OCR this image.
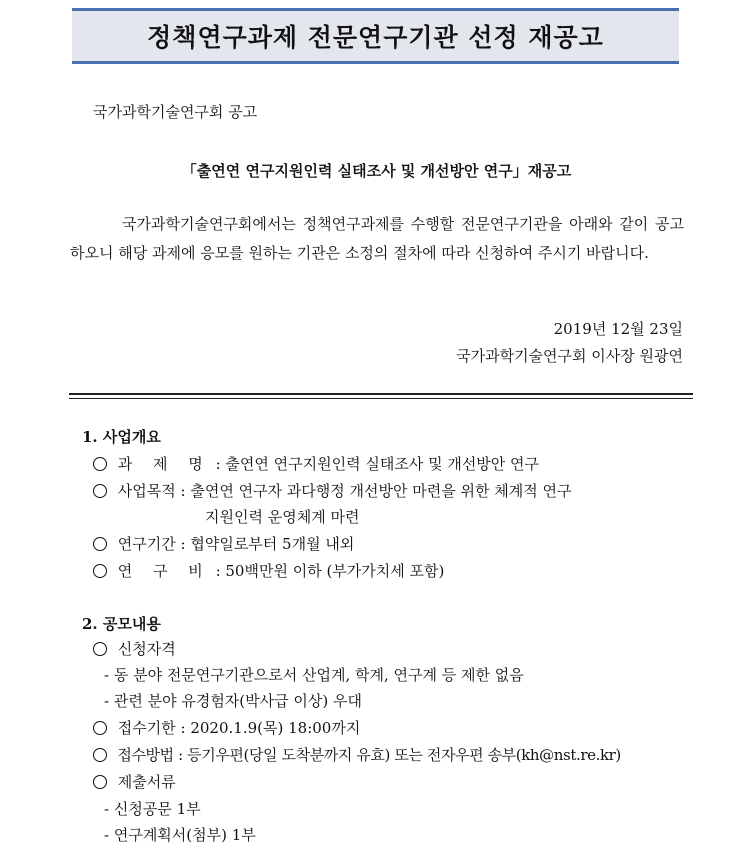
정책연구과제 전문연구기관 선정 재공고
국가과학기술연구회 공고
「출연연 연구지원인력 실태조사 및 개선방안 연구」재공고
국가과학기술연구회에서는 정책연구과제를 수행할 전문연구기관을 아래와 같이 공고하오니 해당 과제에 응모를 원하는 기관은 소정의 절차에 따라 신청하여 주시기 바랍니다.
2019년 12월 23일
국가과학기술연구회 이사장 원광연
1. 사업개요
과 제 명 : 출연연 연구지원인력 실태조사 및 개선방안 연구
사업목적 : 출연연 연구자 과다행정 개선방안 마련을 위한 체계적 연구
지원인력 운영체계 마련
연구기간 : 협약일로부터 5개월 내외
연 구 비 : 50백만원 이하 (부가가치세 포함)
2. 공모내용
신청자격
- 동 분야 전문연구기관으로서 산업계, 학계, 연구계 등 제한 없음
- 관련 분야 유경험자(박사급 이상) 우대
접수기한 : 2020.1.9(목) 18:00까지
접수방법 : 등기우편(당일 도착분까지 유효) 또는 전자우편 송부(kh@nst.re.kr)
제출서류
- 신청공문 1부
- 연구계획서(첨부) 1부
